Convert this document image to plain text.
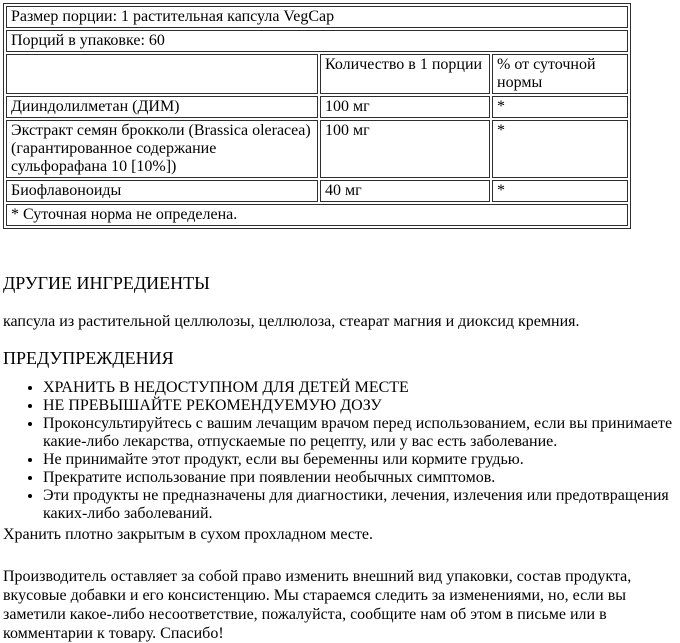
Размер порции: 1 растительная капсула VegCap		
Порций в упаковке: 60		
	Количество в 1 порции	% от суточной нормы
Дииндолилметан (ДИМ)	100 мг	*
Экстракт семян брокколи (Brassica oleracea) (гарантированное содержание сульфорафана 10 [10%])	100 мг	*
Биофлавоноиды	40 мг	*
* Суточная норма не определена.		
ДРУГИЕ ИНГРЕДИЕНТЫ

капсула из растительной целлюлозы, целлюлоза, стеарат магния и диоксид кремния.

ПРЕДУПРЕЖДЕНИЯ
• ХРАНИТЬ В НЕДОСТУПНОМ ДЛЯ ДЕТЕЙ МЕСТЕ
• НЕ ПРЕВЫШАЙТЕ РЕКОМЕНДУЕМУЮ ДОЗУ
• Проконсультируйтесь с вашим лечащим врачом перед использованием, если вы принимаете какие-либо лекарства, отпускаемые по рецепту, или у вас есть заболевание.
• Не принимайте этот продукт, если вы беременны или кормите грудью.
• Прекратите использование при появлении необычных симптомов.
• Эти продукты не предназначены для диагностики, лечения, излечения или предотвращения каких-либо заболеваний.

Хранить плотно закрытым в сухом прохладном месте.

Производитель оставляет за собой право изменить внешний вид упаковки, состав продукта, вкусовые добавки и его консистенцию. Мы стараемся следить за изменениями, но, если вы заметили какое-либо несоответствие, пожалуйста, сообщите нам об этом в письме или в комментарии к товару. Спасибо!
